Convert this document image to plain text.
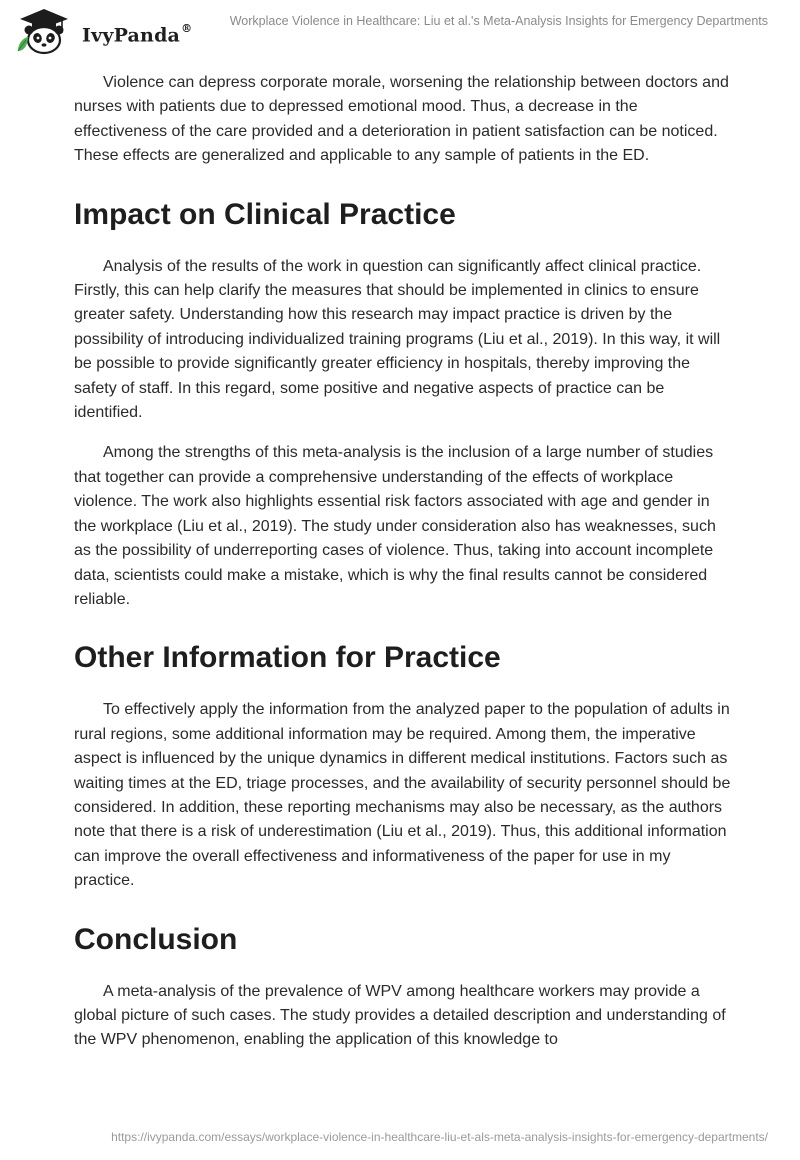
IvyPanda®
Workplace Violence in Healthcare: Liu et al.'s Meta-Analysis Insights for Emergency Departments

Violence can depress corporate morale, worsening the relationship between doctors and nurses with patients due to depressed emotional mood. Thus, a decrease in the effectiveness of the care provided and a deterioration in patient satisfaction can be noticed. These effects are generalized and applicable to any sample of patients in the ED.

Impact on Clinical Practice

Analysis of the results of the work in question can significantly affect clinical practice. Firstly, this can help clarify the measures that should be implemented in clinics to ensure greater safety. Understanding how this research may impact practice is driven by the possibility of introducing individualized training programs (Liu et al., 2019). In this way, it will be possible to provide significantly greater efficiency in hospitals, thereby improving the safety of staff. In this regard, some positive and negative aspects of practice can be identified.

Among the strengths of this meta-analysis is the inclusion of a large number of studies that together can provide a comprehensive understanding of the effects of workplace violence. The work also highlights essential risk factors associated with age and gender in the workplace (Liu et al., 2019). The study under consideration also has weaknesses, such as the possibility of underreporting cases of violence. Thus, taking into account incomplete data, scientists could make a mistake, which is why the final results cannot be considered reliable.

Other Information for Practice

To effectively apply the information from the analyzed paper to the population of adults in rural regions, some additional information may be required. Among them, the imperative aspect is influenced by the unique dynamics in different medical institutions. Factors such as waiting times at the ED, triage processes, and the availability of security personnel should be considered. In addition, these reporting mechanisms may also be necessary, as the authors note that there is a risk of underestimation (Liu et al., 2019). Thus, this additional information can improve the overall effectiveness and informativeness of the paper for use in my practice.

Conclusion

A meta-analysis of the prevalence of WPV among healthcare workers may provide a global picture of such cases. The study provides a detailed description and understanding of the WPV phenomenon, enabling the application of this knowledge to

https://ivypanda.com/essays/workplace-violence-in-healthcare-liu-et-als-meta-analysis-insights-for-emergency-departments/
